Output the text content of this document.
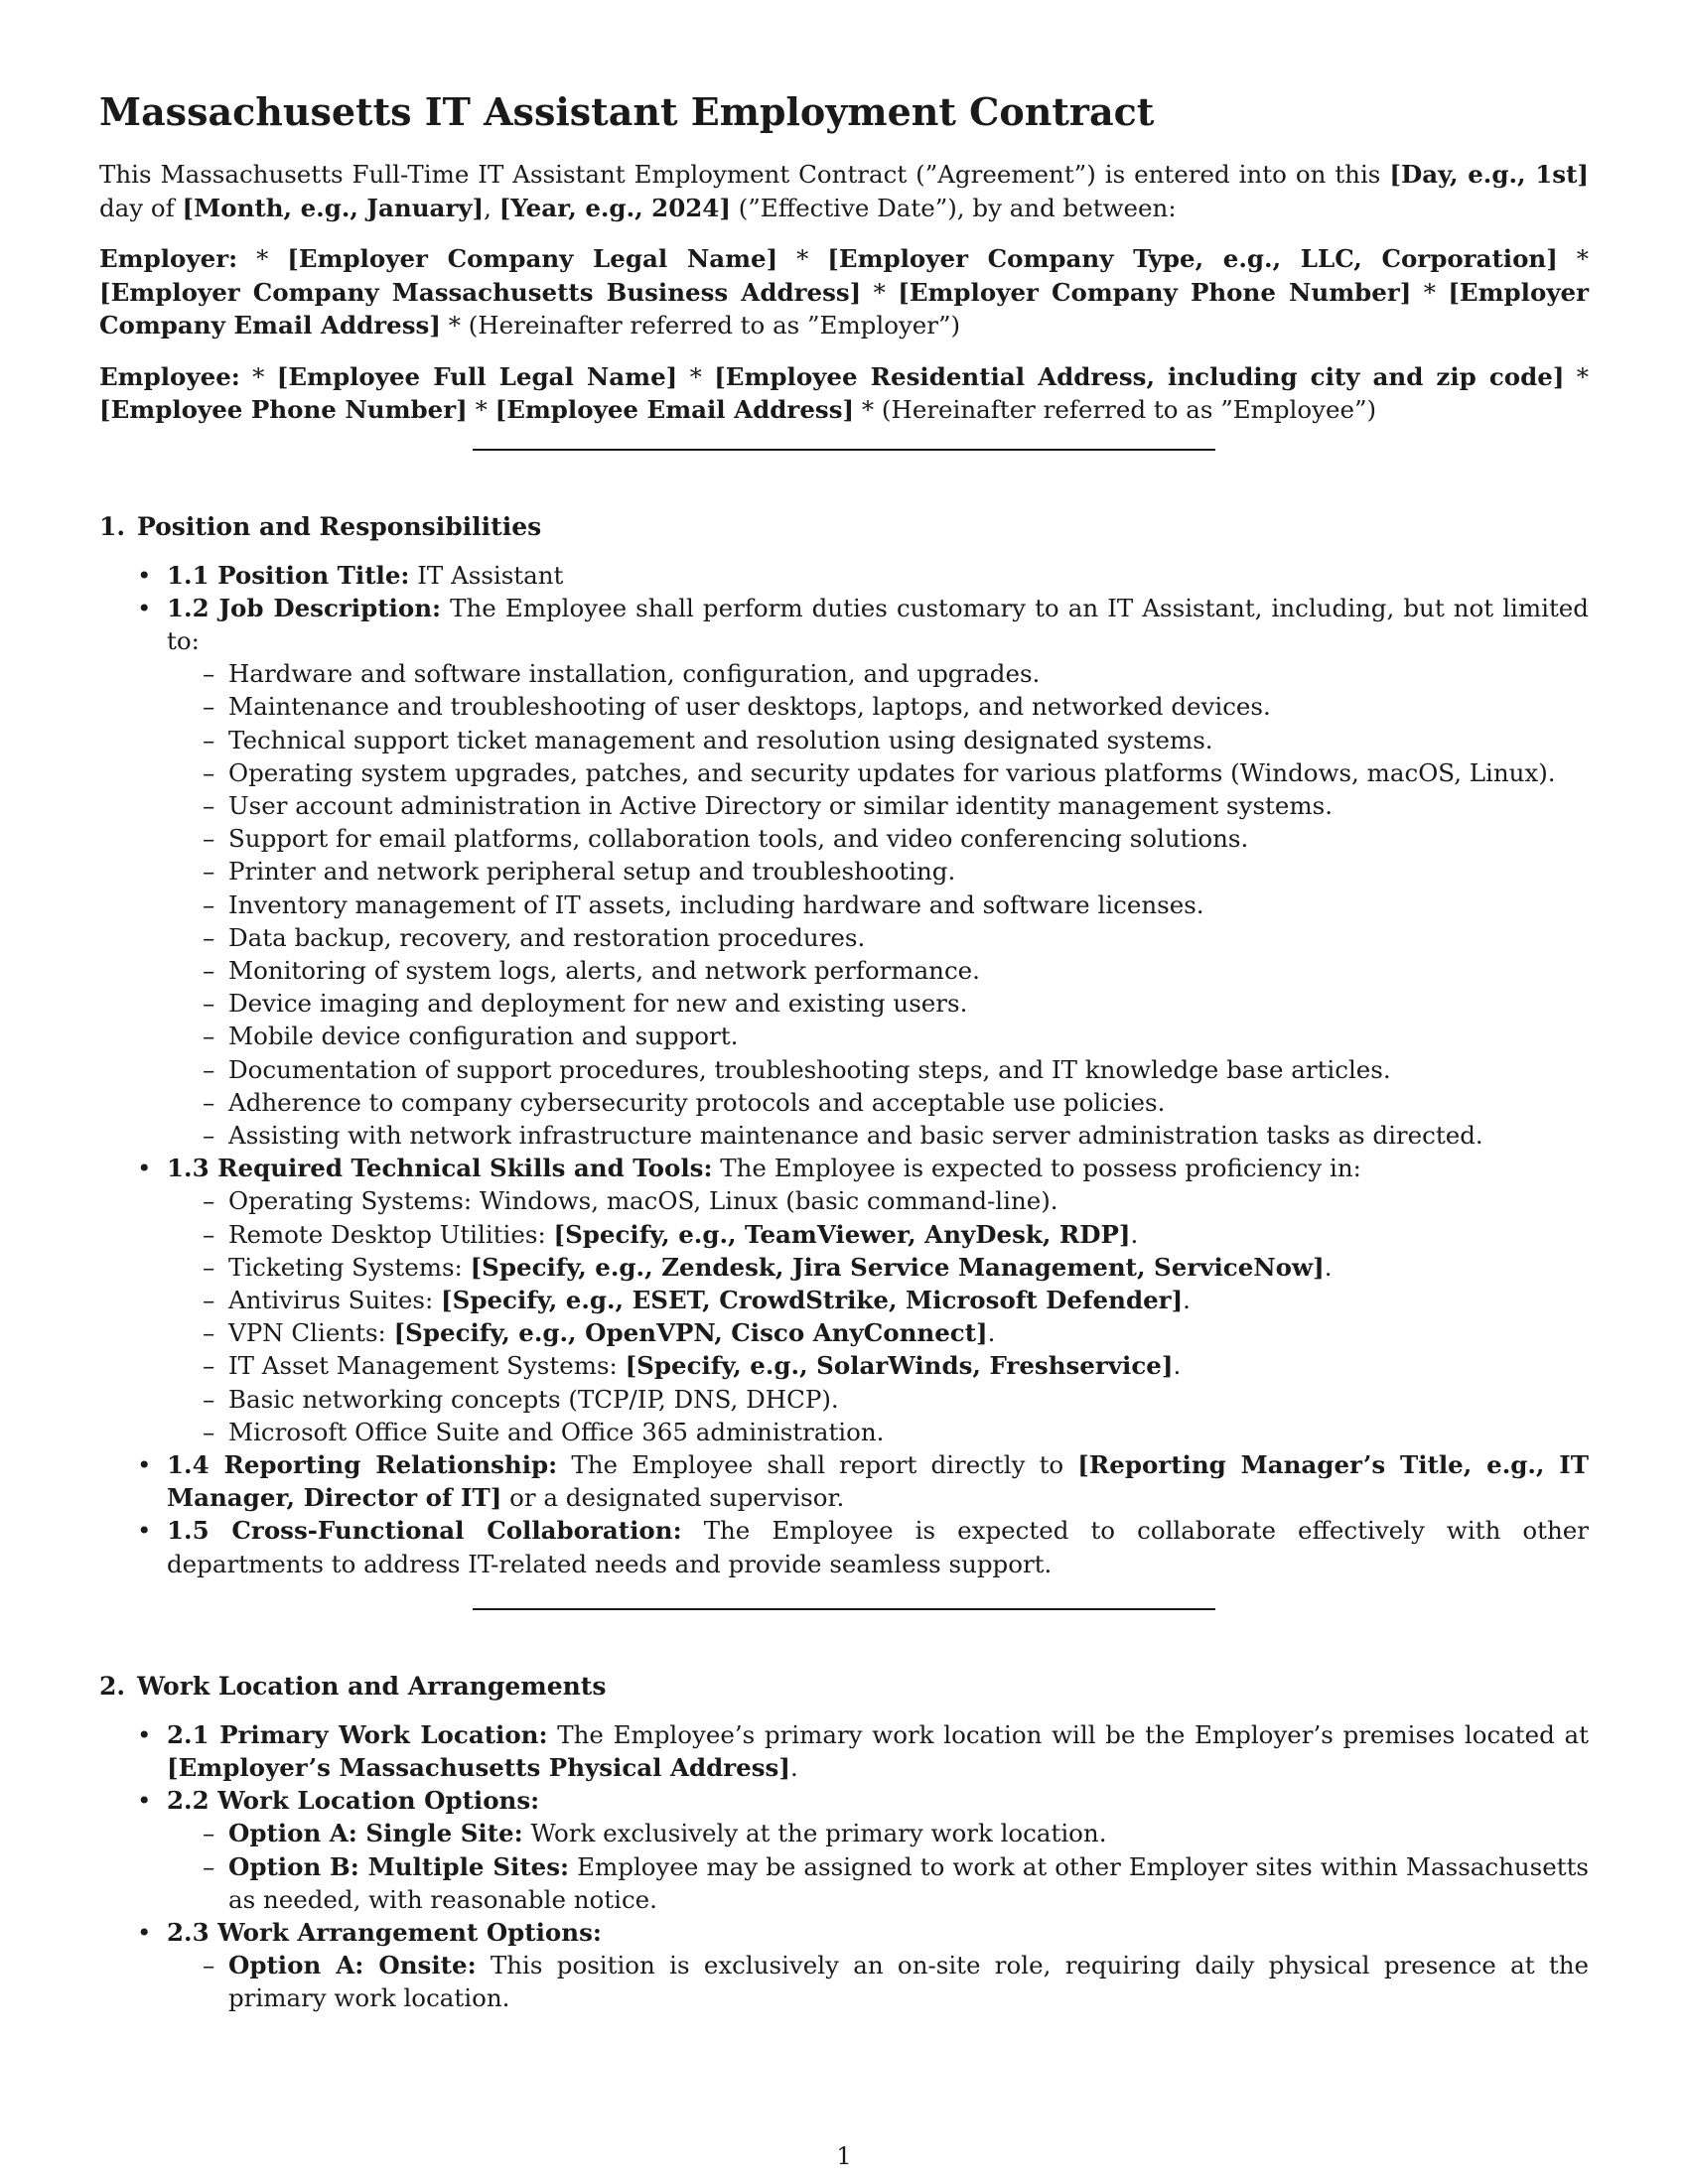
Massachusetts IT Assistant Employment Contract

This Massachusetts Full-Time IT Assistant Employment Contract (”Agreement”) is entered into on this [Day, e.g., 1st] day of [Month, e.g., January], [Year, e.g., 2024] (”Effective Date”), by and between:

Employer: * [Employer Company Legal Name] * [Employer Company Type, e.g., LLC, Corporation] * [Employer Company Massachusetts Business Address] * [Employer Company Phone Number] * [Employer Company Email Address] * (Hereinafter referred to as ”Employer”)

Employee: * [Employee Full Legal Name] * [Employee Residential Address, including city and zip code] * [Employee Phone Number] * [Employee Email Address] * (Hereinafter referred to as ”Employee”)

1. Position and Responsibilities
• 1.1 Position Title: IT Assistant
• 1.2 Job Description: The Employee shall perform duties customary to an IT Assistant, including, but not limited to:
– Hardware and software installation, configuration, and upgrades.
– Maintenance and troubleshooting of user desktops, laptops, and networked devices.
– Technical support ticket management and resolution using designated systems.
– Operating system upgrades, patches, and security updates for various platforms (Windows, macOS, Linux).
– User account administration in Active Directory or similar identity management systems.
– Support for email platforms, collaboration tools, and video conferencing solutions.
– Printer and network peripheral setup and troubleshooting.
– Inventory management of IT assets, including hardware and software licenses.
– Data backup, recovery, and restoration procedures.
– Monitoring of system logs, alerts, and network performance.
– Device imaging and deployment for new and existing users.
– Mobile device configuration and support.
– Documentation of support procedures, troubleshooting steps, and IT knowledge base articles.
– Adherence to company cybersecurity protocols and acceptable use policies.
– Assisting with network infrastructure maintenance and basic server administration tasks as directed.
• 1.3 Required Technical Skills and Tools: The Employee is expected to possess proficiency in:
– Operating Systems: Windows, macOS, Linux (basic command-line).
– Remote Desktop Utilities: [Specify, e.g., TeamViewer, AnyDesk, RDP].
– Ticketing Systems: [Specify, e.g., Zendesk, Jira Service Management, ServiceNow].
– Antivirus Suites: [Specify, e.g., ESET, CrowdStrike, Microsoft Defender].
– VPN Clients: [Specify, e.g., OpenVPN, Cisco AnyConnect].
– IT Asset Management Systems: [Specify, e.g., SolarWinds, Freshservice].
– Basic networking concepts (TCP/IP, DNS, DHCP).
– Microsoft Office Suite and Office 365 administration.
• 1.4 Reporting Relationship: The Employee shall report directly to [Reporting Manager’s Title, e.g., IT Manager, Director of IT] or a designated supervisor.
• 1.5 Cross-Functional Collaboration: The Employee is expected to collaborate effectively with other departments to address IT-related needs and provide seamless support.
2. Work Location and Arrangements
• 2.1 Primary Work Location: The Employee’s primary work location will be the Employer’s premises located at [Employer’s Massachusetts Physical Address].
• 2.2 Work Location Options:
– Option A: Single Site: Work exclusively at the primary work location.
– Option B: Multiple Sites: Employee may be assigned to work at other Employer sites within Massachusetts as needed, with reasonable notice.
• 2.3 Work Arrangement Options:
– Option A: Onsite: This position is exclusively an on-site role, requiring daily physical presence at the primary work location.
1
